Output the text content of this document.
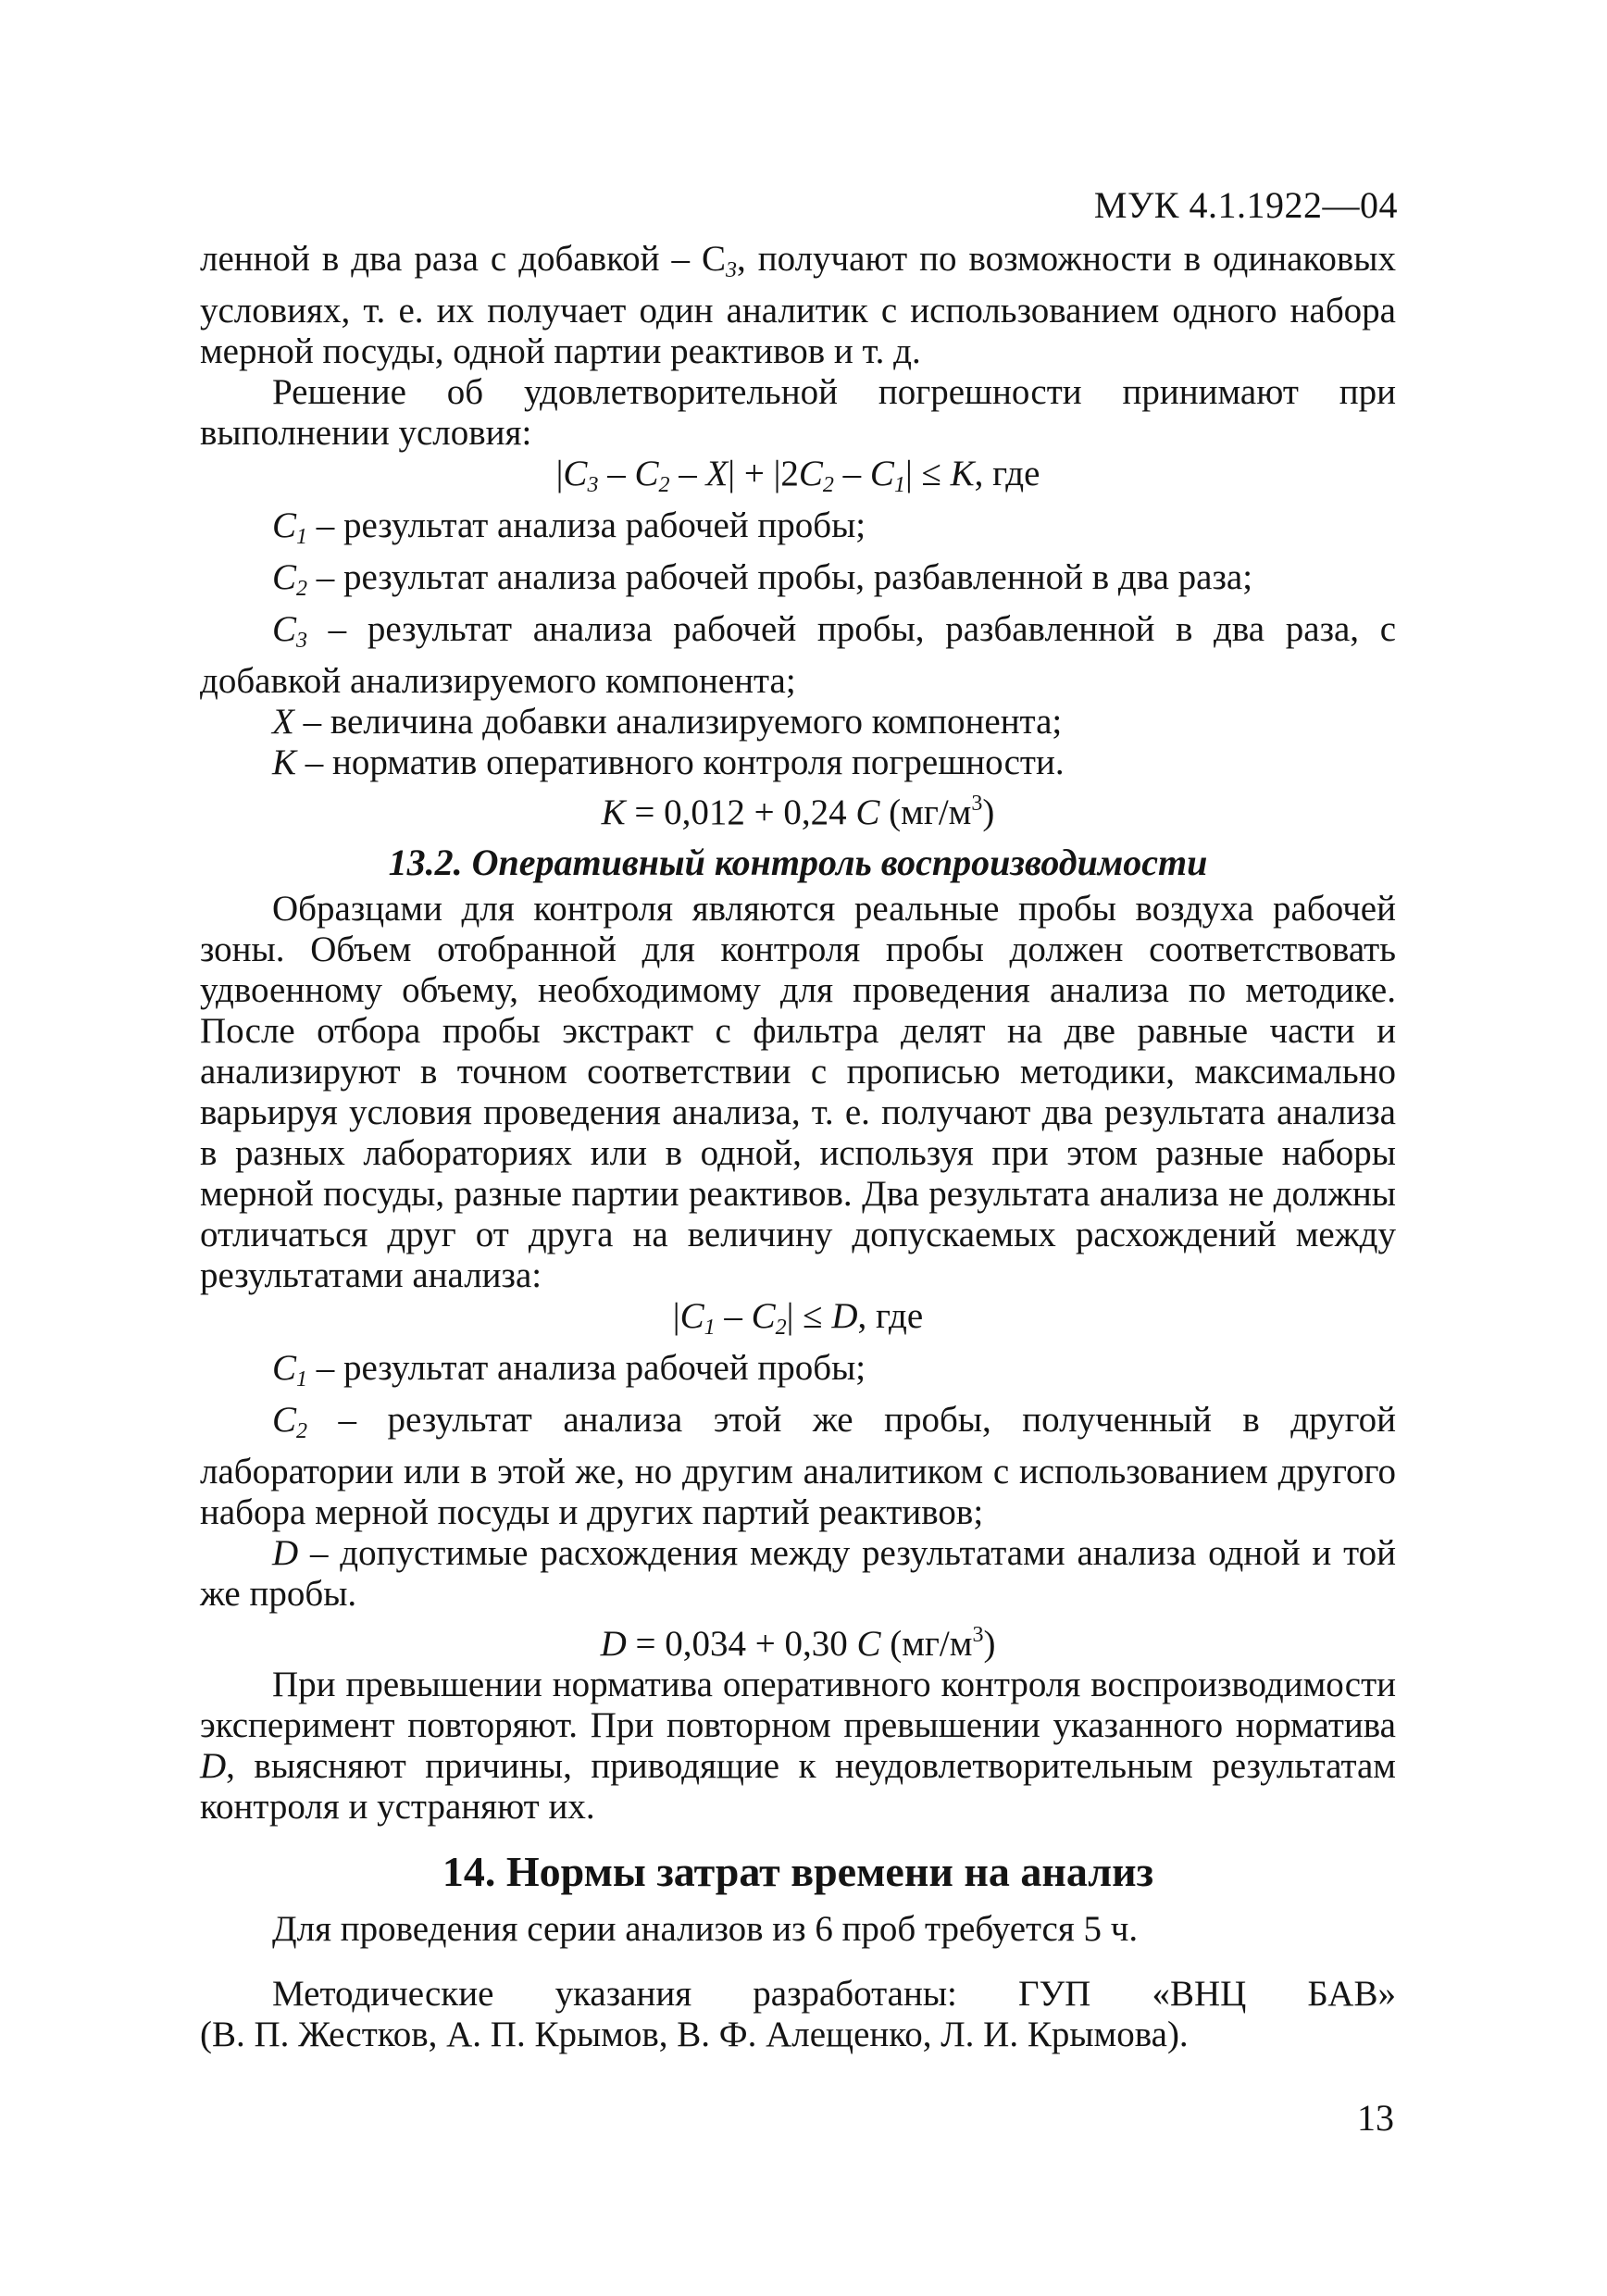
МУК 4.1.1922—04

ленной в два раза с добавкой – $С_3$, получают по возможности в одинаковых условиях, т. е. их получает один аналитик с использованием одного набора мерной посуды, одной партии реактивов и т. д.

Решение об удовлетворительной погрешности принимают при выполнении условия:

$|С_3 - С_2 - X| + |2С_2 - С_1| \le K$, где

$С_1$ – результат анализа рабочей пробы;

$С_2$ – результат анализа рабочей пробы, разбавленной в два раза;

$С_3$ – результат анализа рабочей пробы, разбавленной в два раза, с добавкой анализируемого компонента;

X – величина добавки анализируемого компонента;

K – норматив оперативного контроля погрешности.

K = 0,012 + 0,24 С $(мг/м^3)$

13.2. Оперативный контроль воспроизводимости

Образцами для контроля являются реальные пробы воздуха рабочей зоны. Объем отобранной для контроля пробы должен соответствовать удвоенному объему, необходимому для проведения анализа по методике. После отбора пробы экстракт с фильтра делят на две равные части и анализируют в точном соответствии с прописью методики, максимально варьируя условия проведения анализа, т. е. получают два результата анализа в разных лабораториях или в одной, используя при этом разные наборы мерной посуды, разные партии реактивов. Два результата анализа не должны отличаться друг от друга на величину допускаемых расхождений между результатами анализа:

$|С_1 - С_2| \le D$, где

$С_1$ – результат анализа рабочей пробы;

$С_2$ – результат анализа этой же пробы, полученный в другой лаборатории или в этой же, но другим аналитиком с использованием другого набора мерной посуды и других партий реактивов;

D – допустимые расхождения между результатами анализа одной и той же пробы.

D = 0,034 + 0,30 С $(мг/м^3)$

При превышении норматива оперативного контроля воспроизводимости эксперимент повторяют. При повторном превышении указанного норматива D, выясняют причины, приводящие к неудовлетворительным результатам контроля и устраняют их.

14. Нормы затрат времени на анализ

Для проведения серии анализов из 6 проб требуется 5 ч.

Методические указания разработаны: ГУП «ВНЦ БАВ»

(В. П. Жестков, А. П. Крымов, В. Ф. Алещенко, Л. И. Крымова).

13
